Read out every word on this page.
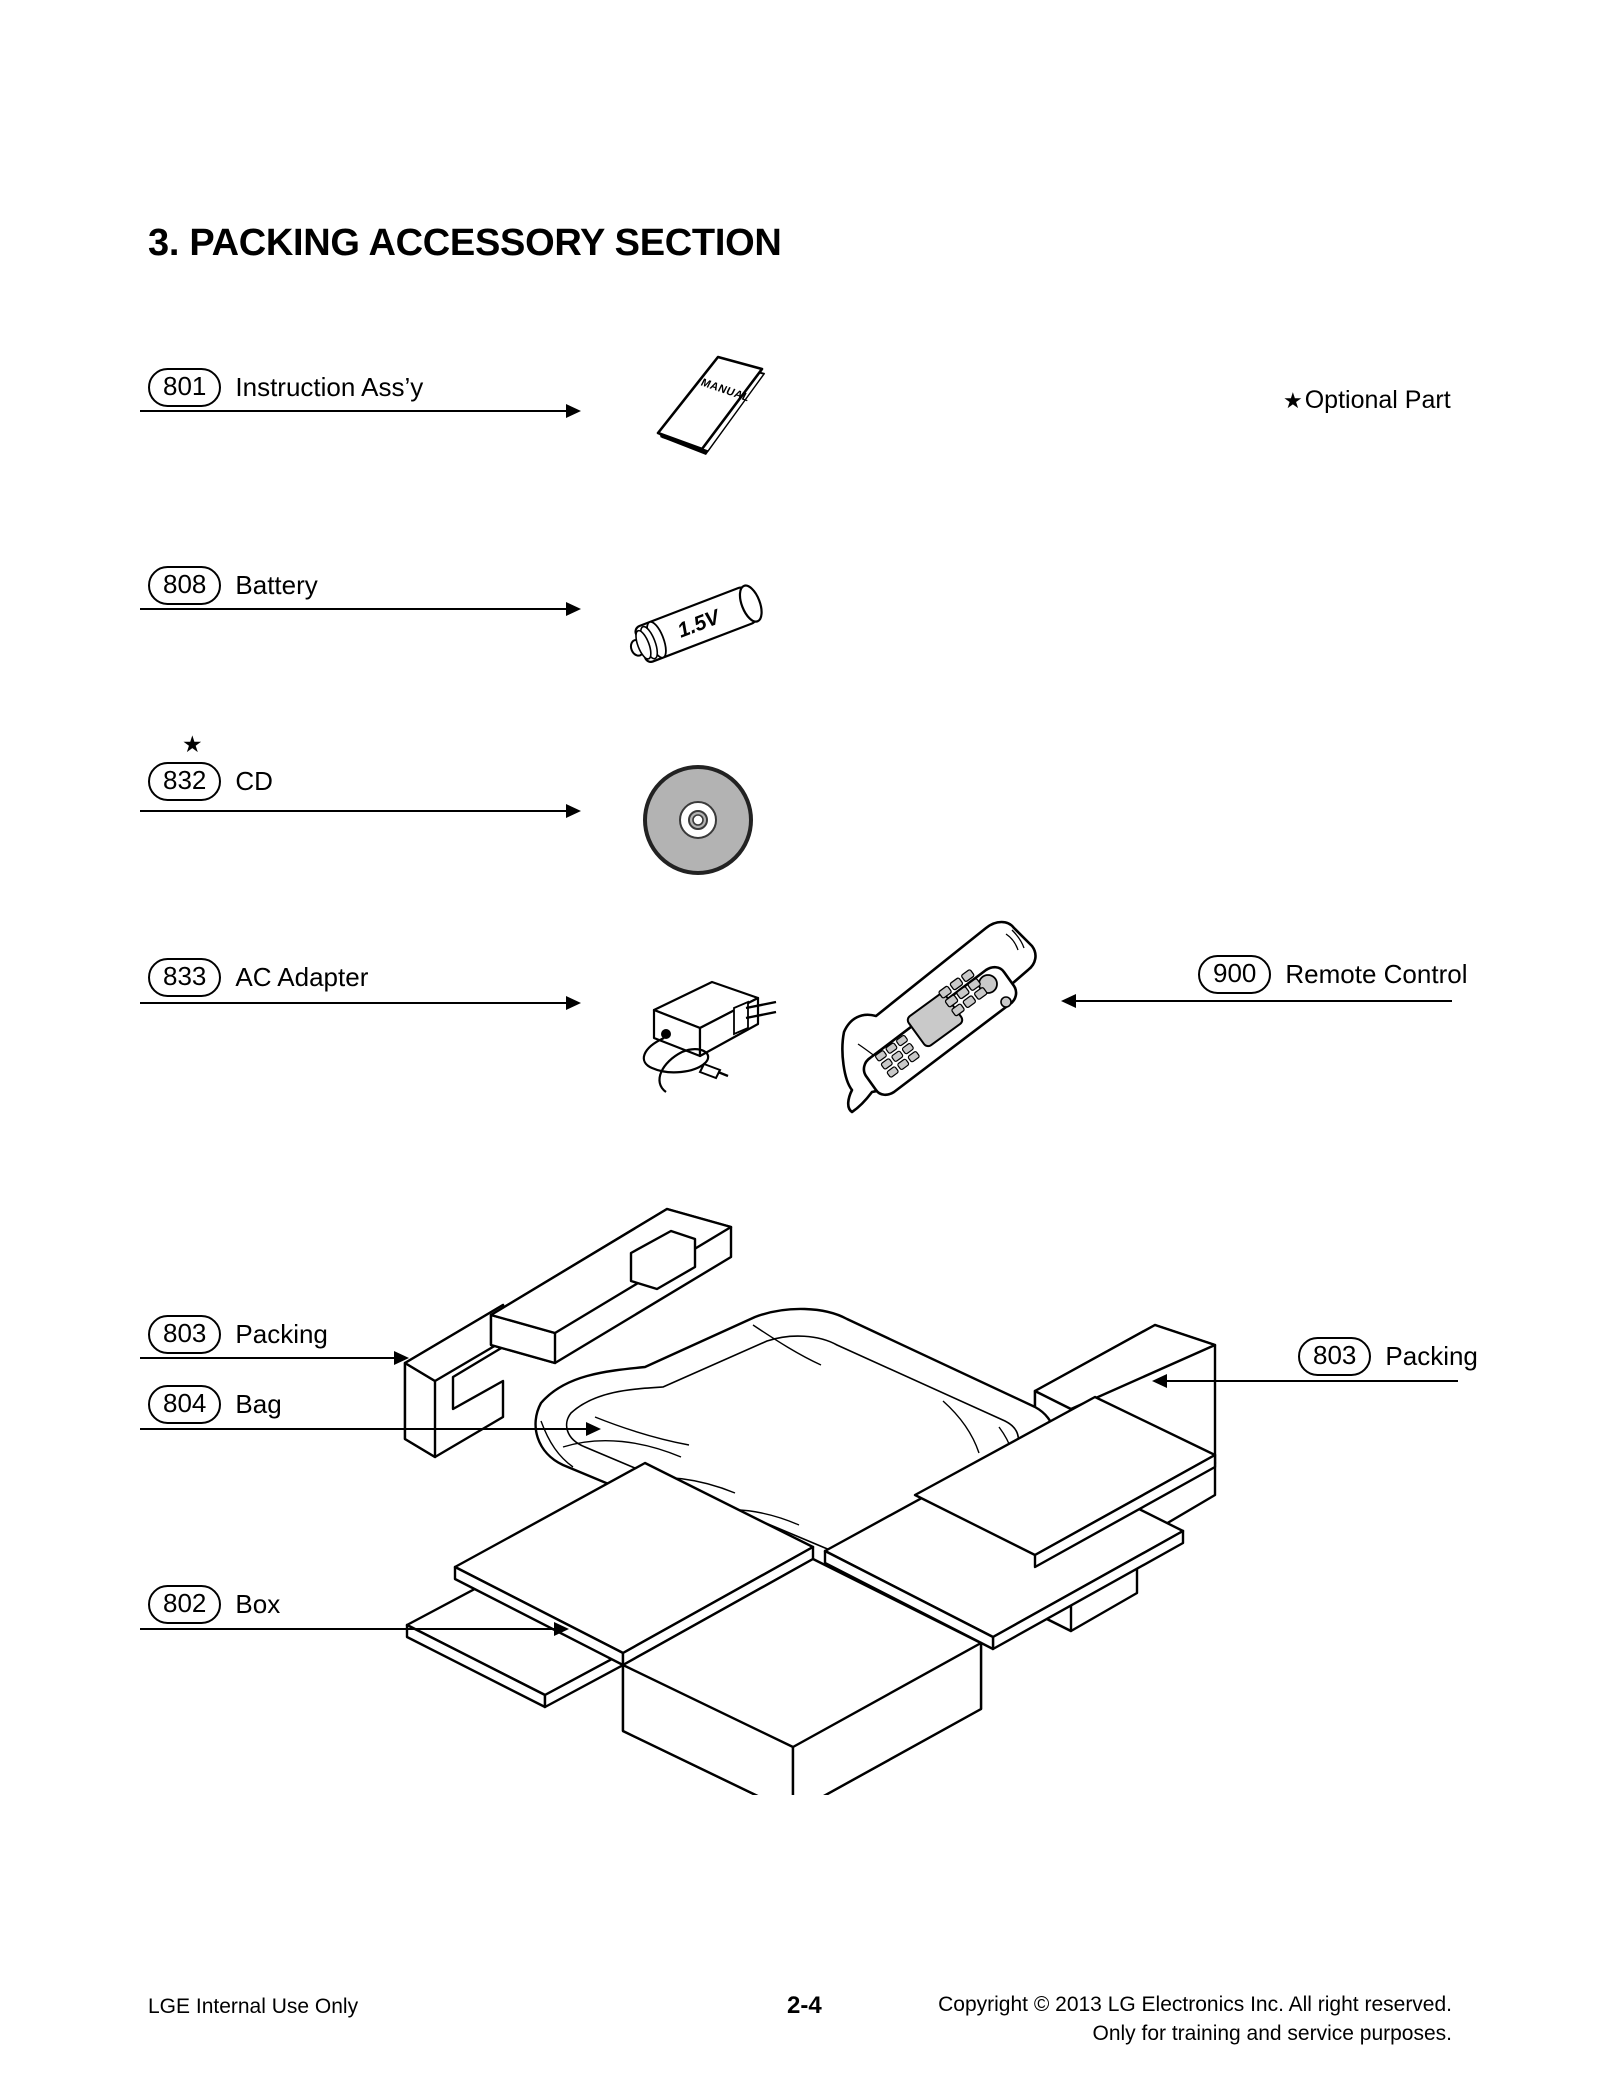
3. PACKING ACCESSORY SECTION
★Optional Part
801 Instruction Ass’y	MANUAL
808 Battery
1.5V
★
832 CD
833 AC Adapter	900 Remote Control
803 Packing
804 Bag
803 Packing
802 Box
LGE Internal Use Only	2-4	Copyright © 2013 LG Electronics Inc. All right reserved.
Only for training and service purposes.
